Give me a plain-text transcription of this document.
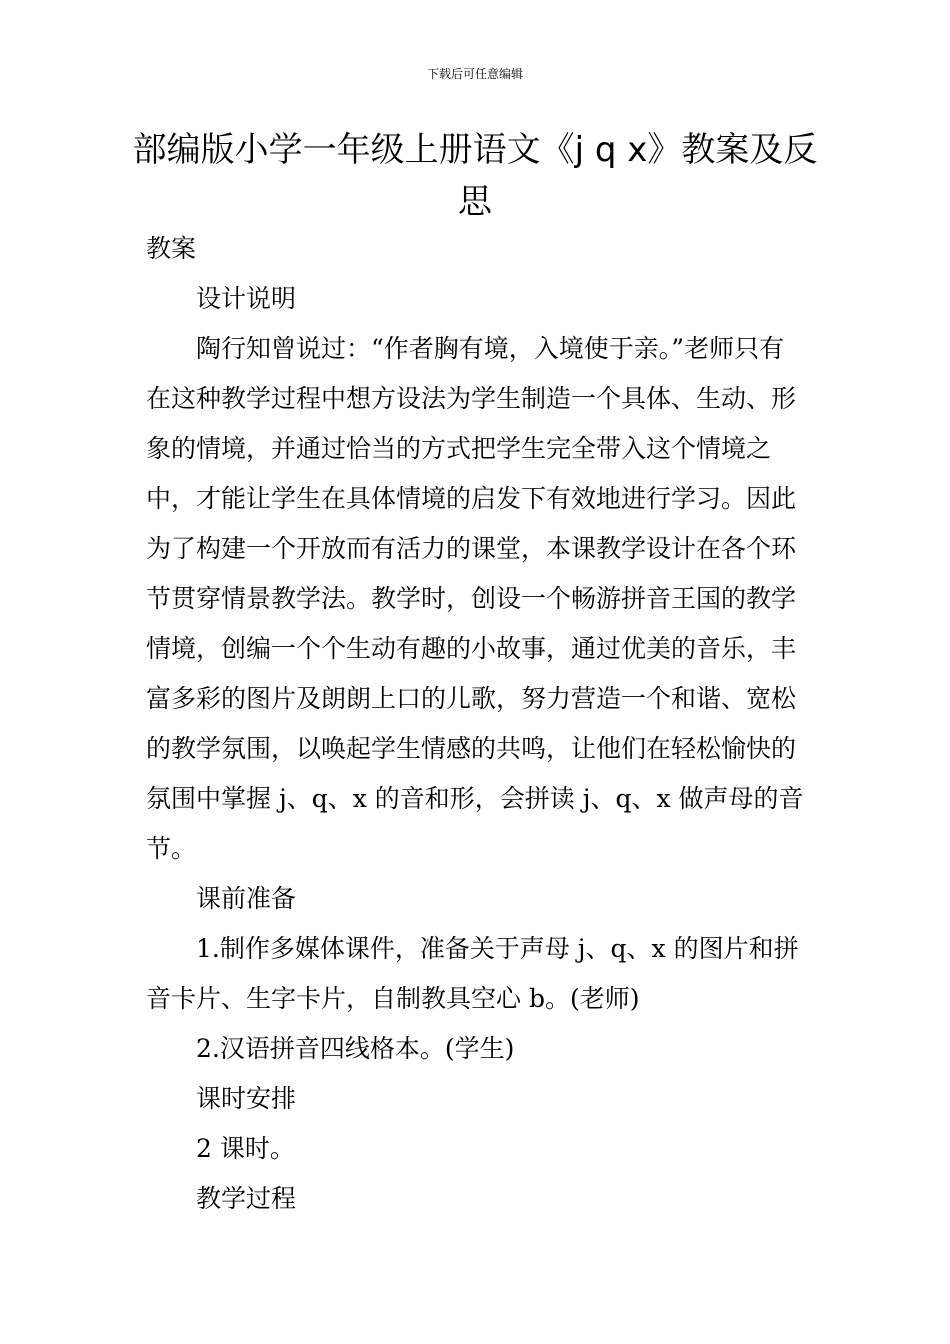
下载后可任意编辑
部编版小学一年级上册语文《j q x》教案及反思

教案

设计说明

陶行知曾说过：“作者胸有境，入境使于亲。”老师只有在这种教学过程中想方设法为学生制造一个具体、生动、形象的情境，并通过恰当的方式把学生完全带入这个情境之中，才能让学生在具体情境的启发下有效地进行学习。因此为了构建一个开放而有活力的课堂，本课教学设计在各个环节贯穿情景教学法。教学时，创设一个畅游拼音王国的教学情境，创编一个个生动有趣的小故事，通过优美的音乐，丰富多彩的图片及朗朗上口的儿歌，努力营造一个和谐、宽松的教学氛围，以唤起学生情感的共鸣，让他们在轻松愉快的氛围中掌握 j、q、x 的音和形，会拼读 j、q、x 做声母的音节。

课前准备

1.制作多媒体课件，准备关于声母 j、q、x 的图片和拼音卡片、生字卡片，自制教具空心 b。(老师)

2.汉语拼音四线格本。(学生)

课时安排

2 课时。

教学过程
